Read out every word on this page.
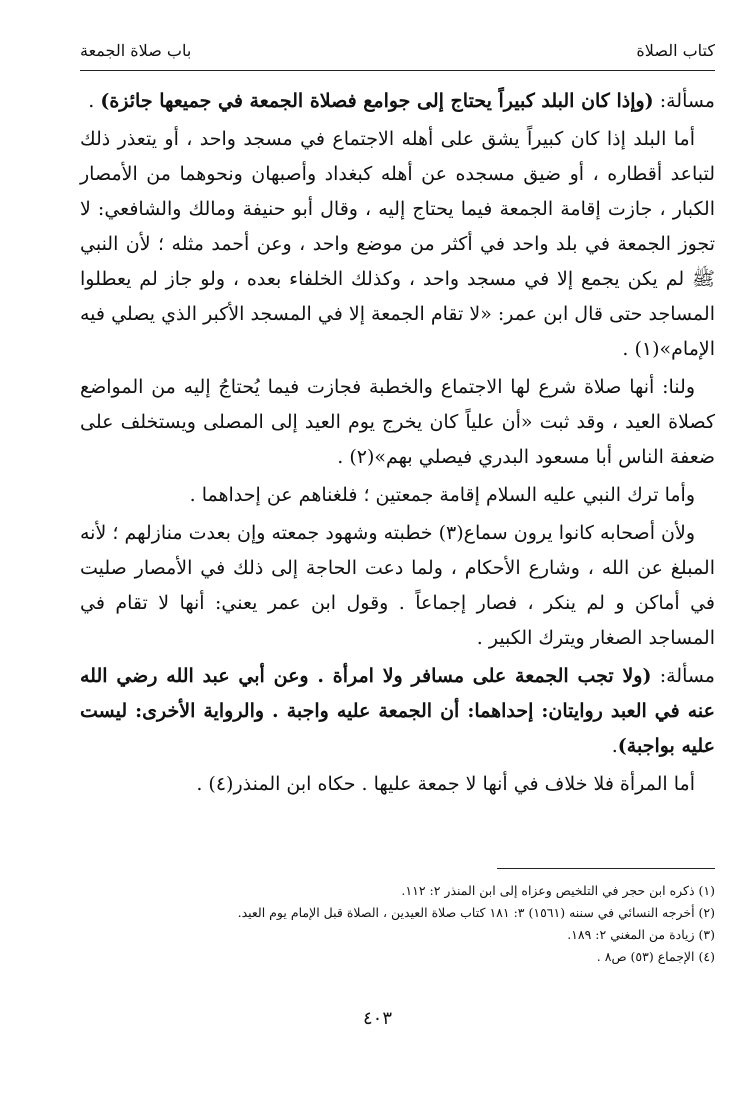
كتاب الصلاة
باب صلاة الجمعة

مسألة: (وإذا كان البلد كبيراً يحتاج إلى جوامع فصلاة الجمعة في جميعها جائزة) .

أما البلد إذا كان كبيراً يشق على أهله الاجتماع في مسجد واحد ، أو يتعذر ذلك لتباعد أقطاره ، أو ضيق مسجده عن أهله كبغداد وأصبهان ونحوهما من الأمصار الكبار ، جازت إقامة الجمعة فيما يحتاج إليه ، وقال أبو حنيفة ومالك والشافعي: لا تجوز الجمعة في بلد واحد في أكثر من موضع واحد ، وعن أحمد مثله ؛ لأن النبي ﷺ لم يكن يجمع إلا في مسجد واحد ، وكذلك الخلفاء بعده ، ولو جاز لم يعطلوا المساجد حتى قال ابن عمر: «لا تقام الجمعة إلا في المسجد الأكبر الذي يصلي فيه الإمام»(١) .

ولنا: أنها صلاة شرع لها الاجتماع والخطبة فجازت فيما يُحتاجُ إليه من المواضع كصلاة العيد ، وقد ثبت «أن علياً كان يخرج يوم العيد إلى المصلى ويستخلف على ضعفة الناس أبا مسعود البدري فيصلي بهم»(٢) .

وأما ترك النبي عليه السلام إقامة جمعتين ؛ فلغناهم عن إحداهما .

ولأن أصحابه كانوا يرون سماع(٣) خطبته وشهود جمعته وإن بعدت منازلهم ؛ لأنه المبلغ عن الله ، وشارع الأحكام ، ولما دعت الحاجة إلى ذلك في الأمصار صليت في أماكن و لم ينكر ، فصار إجماعاً . وقول ابن عمر يعني: أنها لا تقام في المساجد الصغار ويترك الكبير .

مسألة: (ولا تجب الجمعة على مسافر ولا امرأة . وعن أبي عبد الله رضي الله عنه في العبد روايتان: إحداهما: أن الجمعة عليه واجبة . والرواية الأخرى: ليست عليه بواجبة).

أما المرأة فلا خلاف في أنها لا جمعة عليها . حكاه ابن المنذر(٤) .

(١) ذكره ابن حجر في التلخيص وعزاه إلى ابن المنذر ٢: ١١٢.
(٢) أخرجه النسائي في سننه (١٥٦١) ٣: ١٨١ كتاب صلاة العيدين ، الصلاة قبل الإمام يوم العيد.
(٣) زيادة من المغني ٢: ١٨٩.
(٤) الإجماع (٥٣) ص٨ .
٤٠٣
